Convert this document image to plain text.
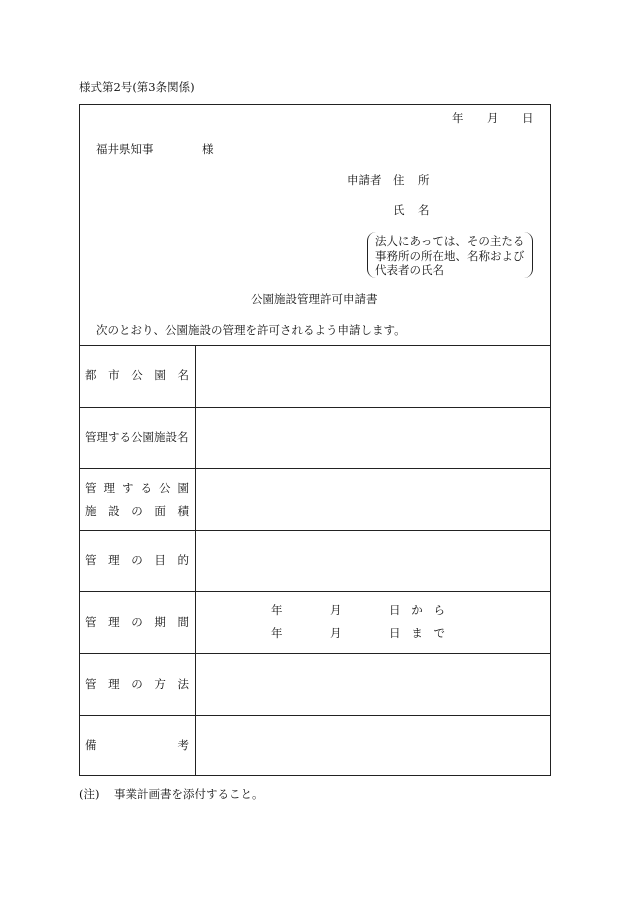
様式第2号(第3条関係)
年 月 日
福井県知事	様
申請者 住 所
氏 名
法人にあっては、その主たる
事務所の所在地、名称および
代表者の氏名
公園施設管理許可申請書
次のとおり、公園施設の管理を許可されるよう申請します。
都 市 公 園 名
管理する公園施設名
管 理 す る 公 園
施 設 の 面 積
管 理 の 目 的
管 理 の 期 間
年	月	日 か ら
年	月	日 ま で
管 理 の 方 法
備	考
(注) 事業計画書を添付すること。
